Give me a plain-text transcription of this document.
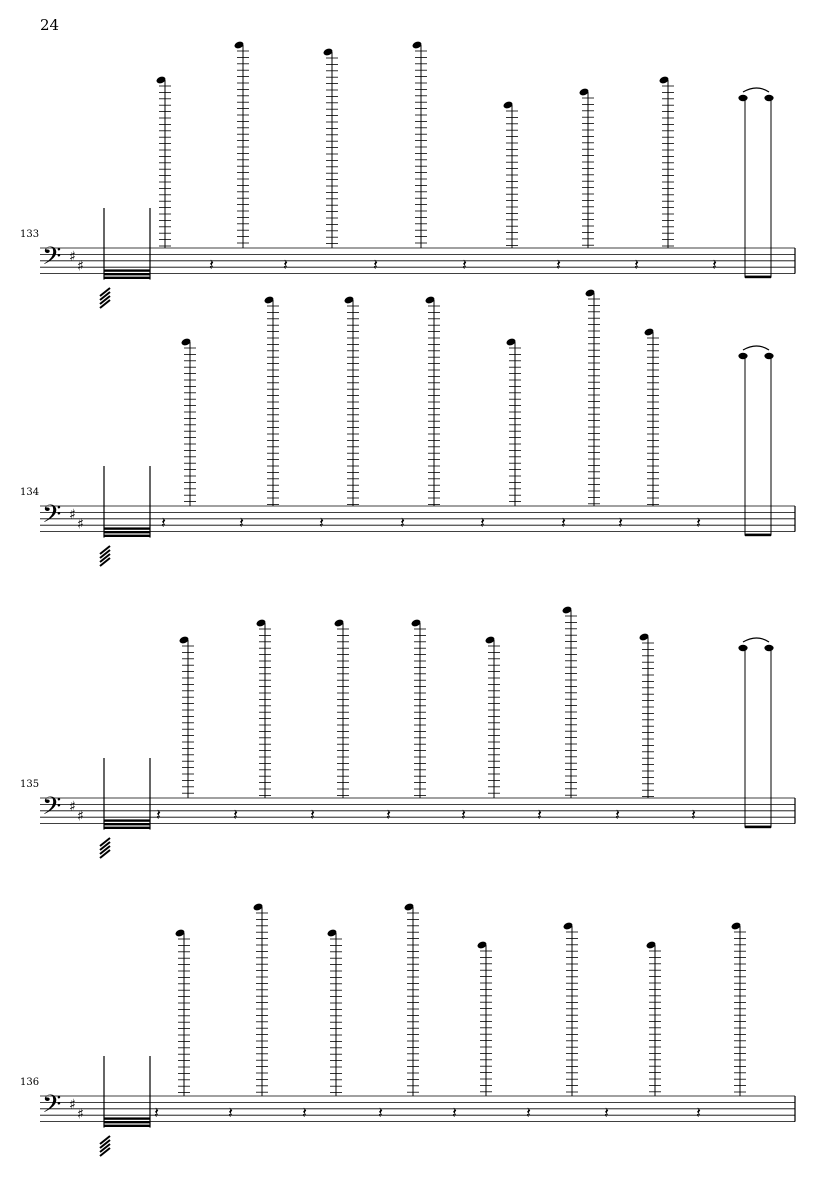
24
133
134
135
136
𝄢 ♯
♯	𝄽	𝄽	𝄽	𝄽	𝄽	𝄽	𝄽
𝄢 ♯
♯	𝄽	𝄽	𝄽	𝄽	𝄽	𝄽	𝄽	𝄽
𝄢 ♯
♯	𝄽	𝄽	𝄽	𝄽	𝄽	𝄽	𝄽	𝄽
𝄢 ♯
♯	𝄽	𝄽	𝄽	𝄽	𝄽	𝄽	𝄽	𝄽
